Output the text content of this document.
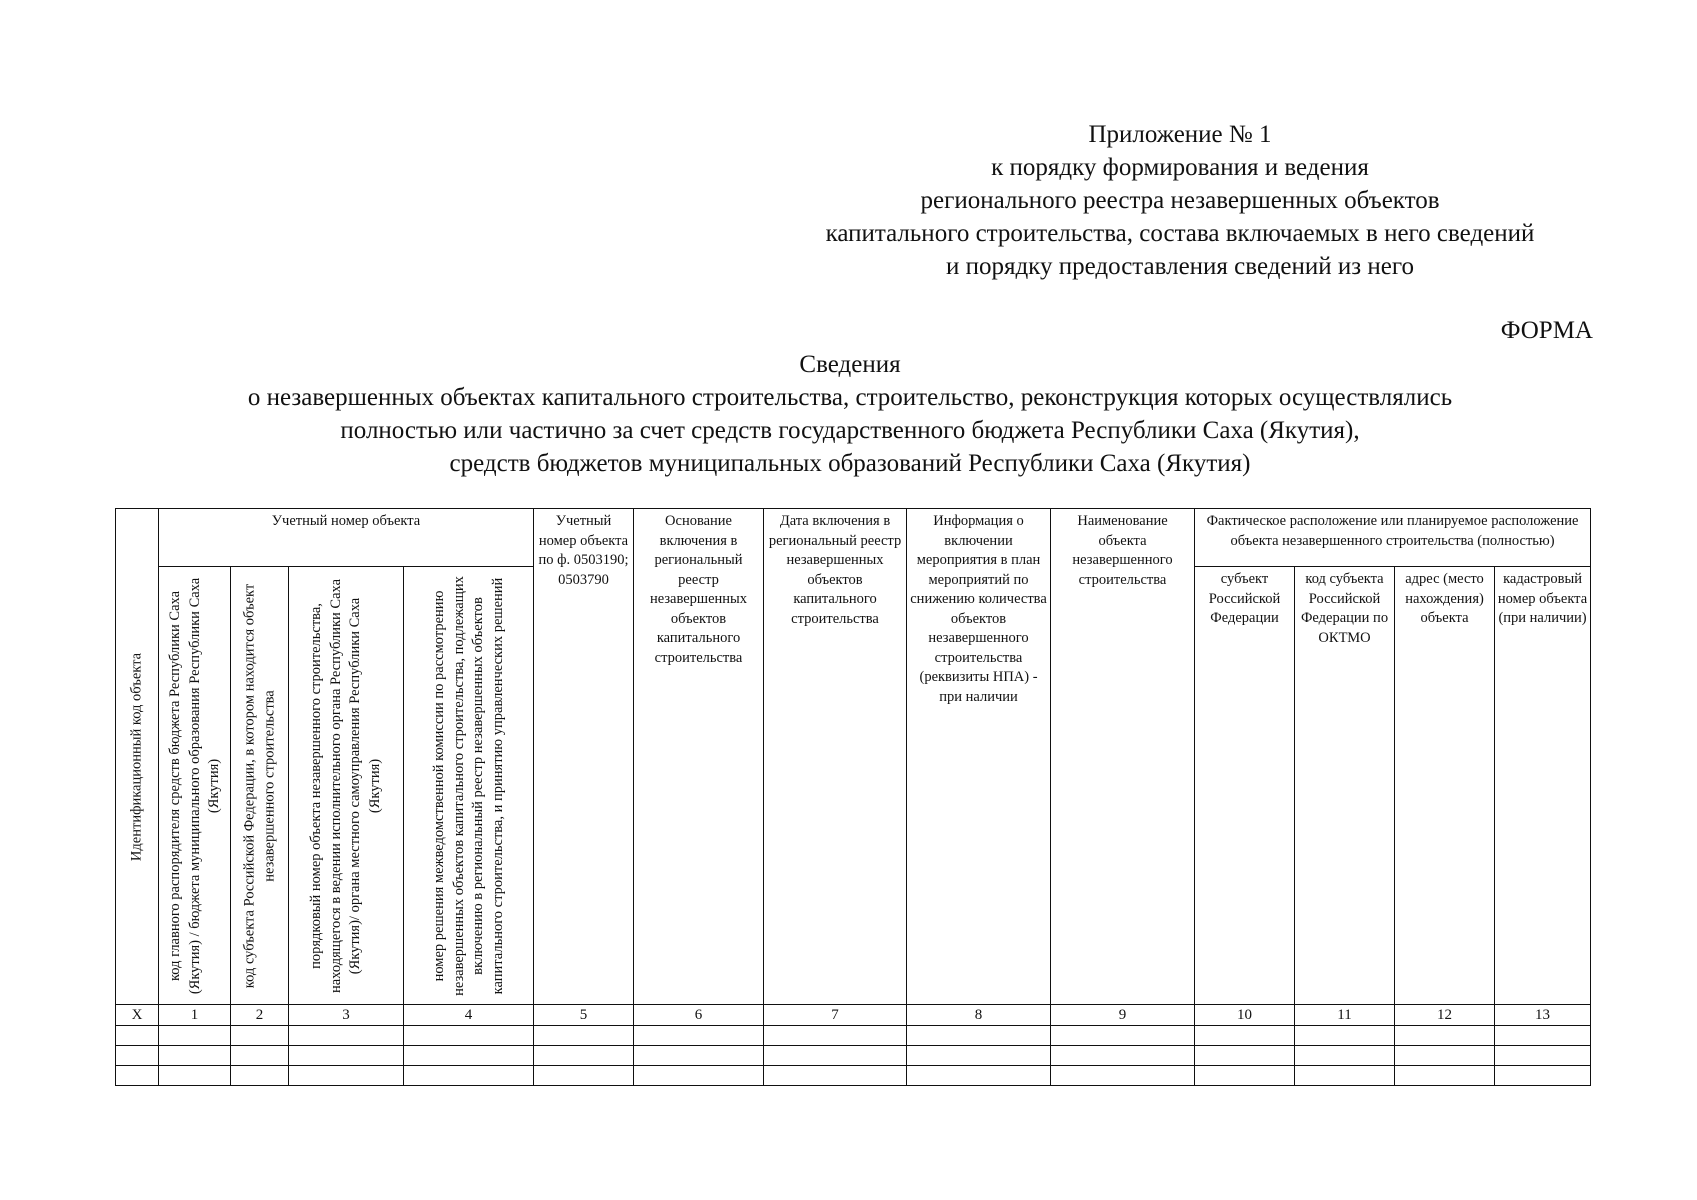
Приложение № 1
к порядку формирования и ведения
регионального реестра незавершенных объектов
капитального строительства, состава включаемых в него сведений
и порядку предоставления сведений из него
ФОРМА
Сведения
о незавершенных объектах капитального строительства, строительство, реконструкция которых осуществлялись
полностью или частично за счет средств государственного бюджета Республики Саха (Якутия),
средств бюджетов муниципальных образований Республики Саха (Якутия)
Идентификационный код объекта	Учетный номер объекта				Учетный номер объекта по ф. 0503190; 0503790	Основание включения в региональный реестр незавершенных объектов капитального строительства	Дата включения в региональный реестр незавершенных объектов капитального строительства	Информация о включении мероприятия в план мероприятий по снижению количества объектов незавершенного строительства (реквизиты НПА) - при наличии	Наименование объекта незавершенного строительства	Фактическое расположение или планируемое расположение объекта незавершенного строительства (полностью)			

	код главного распорядителя средств бюджета Республики Саха (Якутия) / бюджета муниципального образования Республики Саха (Якутия)	код субъекта Российской Федерации, в котором находится объект незавершенного строительства	порядковый номер объекта незавершенного строительства, находящегося в ведении исполнительного органа Республики Саха (Якутия)/ органа местного самоуправления Республики Саха (Якутия)	номер решения межведомственной комиссии по рассмотрению незавершенных объектов капитального строительства, подлежащих включению в региональный реестр незавершенных объектов капитального строительства, и принятию управленческих решений						субъект Российской Федерации	код субъекта Российской Федерации по ОКТМО	адрес (место нахождения) объекта	кадастровый номер объекта (при наличии)
X	1	2	3	4	5	6	7	8	9	10	11	12	13
